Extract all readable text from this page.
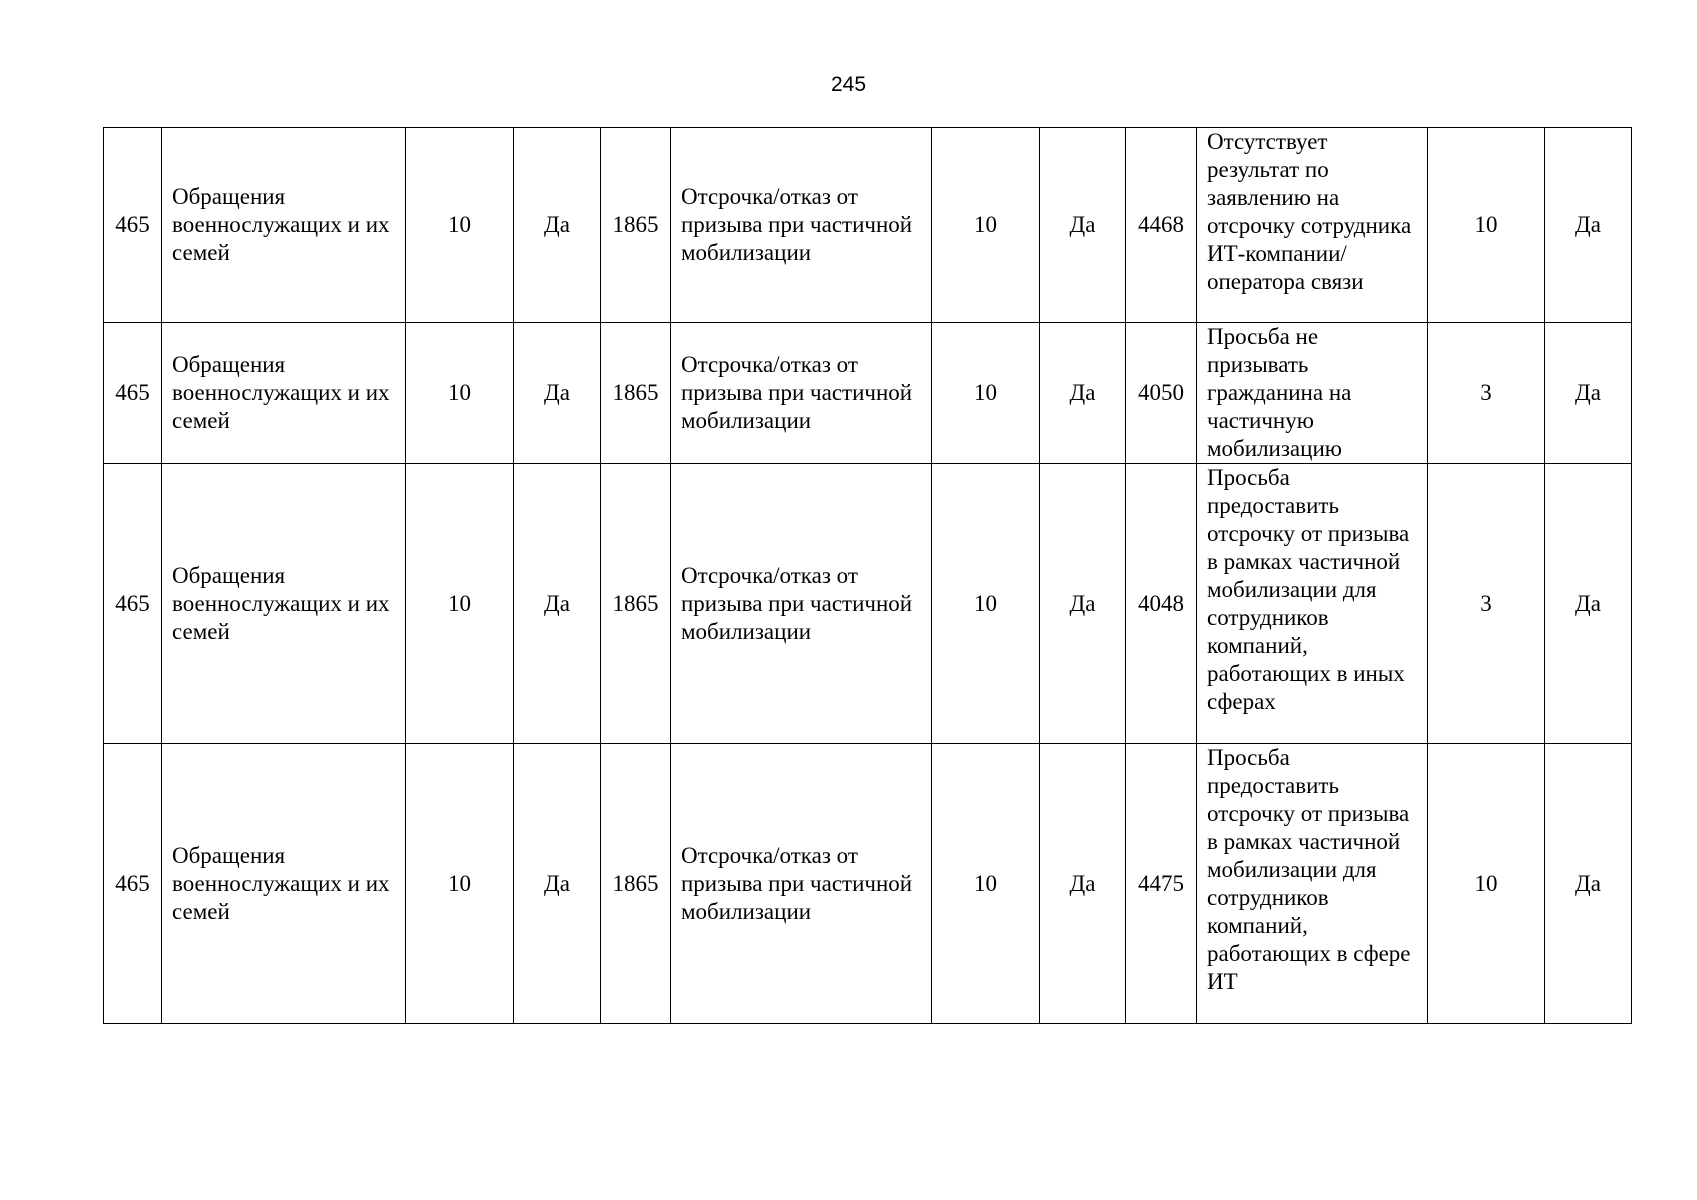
245
465	Обращения военнослужащих и их семей	10	Да	1865	Отсрочка/отказ от призыва при частичной мобилизации	10	Да	4468	Отсутствует результат по заявлению на отсрочку сотрудника ИТ-компании/оператора связи	10	Да
465	Обращения военнослужащих и их семей	10	Да	1865	Отсрочка/отказ от призыва при частичной мобилизации	10	Да	4050	Просьба не призывать гражданина на частичную мобилизацию	3	Да
465	Обращения военнослужащих и их семей	10	Да	1865	Отсрочка/отказ от призыва при частичной мобилизации	10	Да	4048	Просьба предоставить отсрочку от призыва в рамках частичной мобилизации для сотрудников компаний, работающих в иных сферах	3	Да
465	Обращения военнослужащих и их семей	10	Да	1865	Отсрочка/отказ от призыва при частичной мобилизации	10	Да	4475	Просьба предоставить отсрочку от призыва в рамках частичной мобилизации для сотрудников компаний, работающих в сфере ИТ	10	Да
